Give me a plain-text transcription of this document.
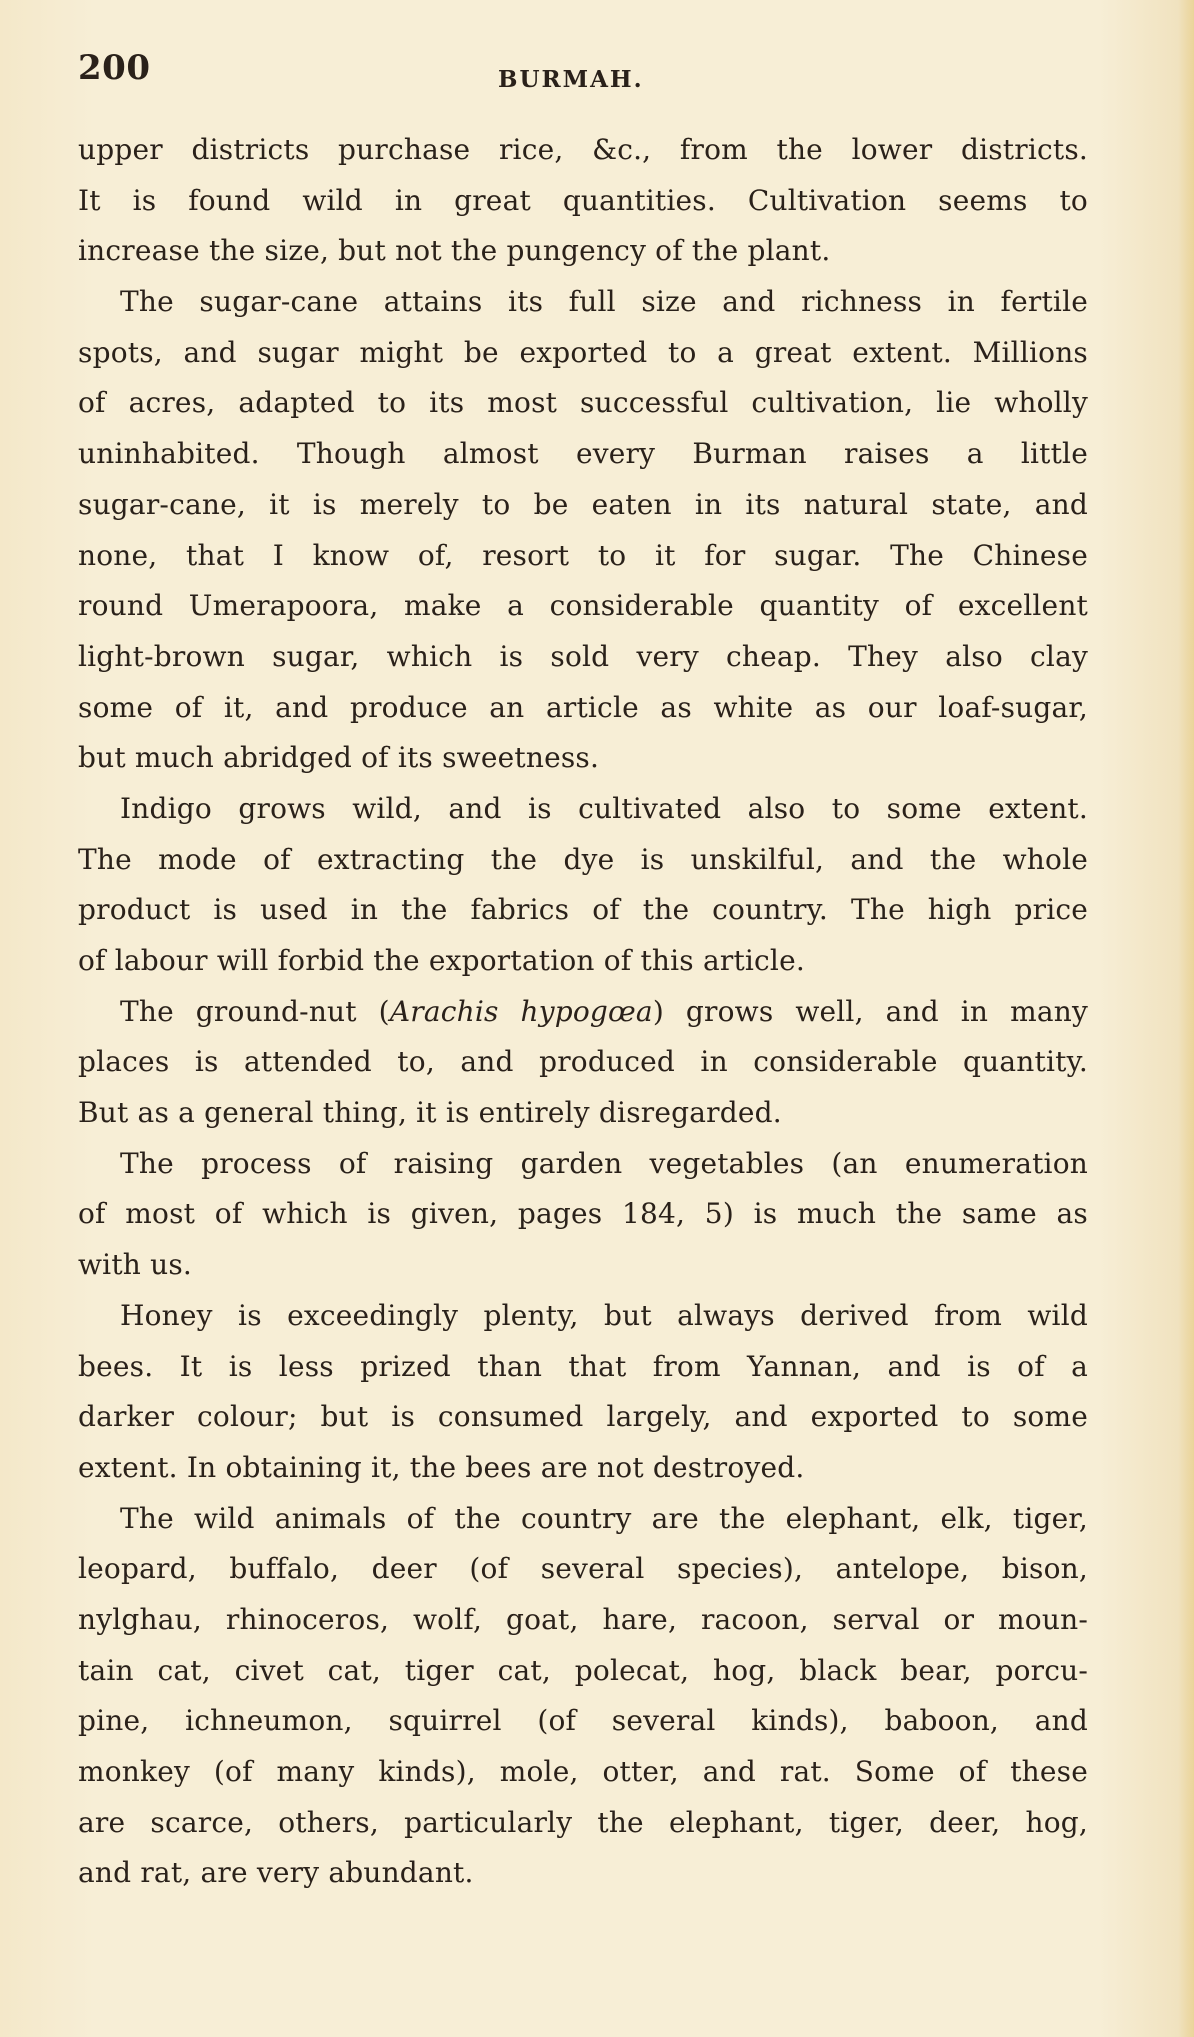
200	BURMAH.
upper districts purchase rice, &c., from the lower districts.
It is found wild in great quantities. Cultivation seems to
increase the size, but not the pungency of the plant.
The sugar-cane attains its full size and richness in fertile
spots, and sugar might be exported to a great extent. Millions
of acres, adapted to its most successful cultivation, lie wholly
uninhabited. Though almost every Burman raises a little
sugar-cane, it is merely to be eaten in its natural state, and
none, that I know of, resort to it for sugar. The Chinese
round Umerapoora, make a considerable quantity of excellent
light-brown sugar, which is sold very cheap. They also clay
some of it, and produce an article as white as our loaf-sugar,
but much abridged of its sweetness.
Indigo grows wild, and is cultivated also to some extent.
The mode of extracting the dye is unskilful, and the whole
product is used in the fabrics of the country. The high price
of labour will forbid the exportation of this article.
The ground-nut (Arachis hypogœa) grows well, and in many
places is attended to, and produced in considerable quantity.
But as a general thing, it is entirely disregarded.
The process of raising garden vegetables (an enumeration
of most of which is given, pages 184, 5) is much the same as
with us.
Honey is exceedingly plenty, but always derived from wild
bees. It is less prized than that from Yannan, and is of a
darker colour; but is consumed largely, and exported to some
extent. In obtaining it, the bees are not destroyed.
The wild animals of the country are the elephant, elk, tiger,
leopard, buffalo, deer (of several species), antelope, bison,
nylghau, rhinoceros, wolf, goat, hare, racoon, serval or moun-
tain cat, civet cat, tiger cat, polecat, hog, black bear, porcu-
pine, ichneumon, squirrel (of several kinds), baboon, and
monkey (of many kinds), mole, otter, and rat. Some of these
are scarce, others, particularly the elephant, tiger, deer, hog,
and rat, are very abundant.
